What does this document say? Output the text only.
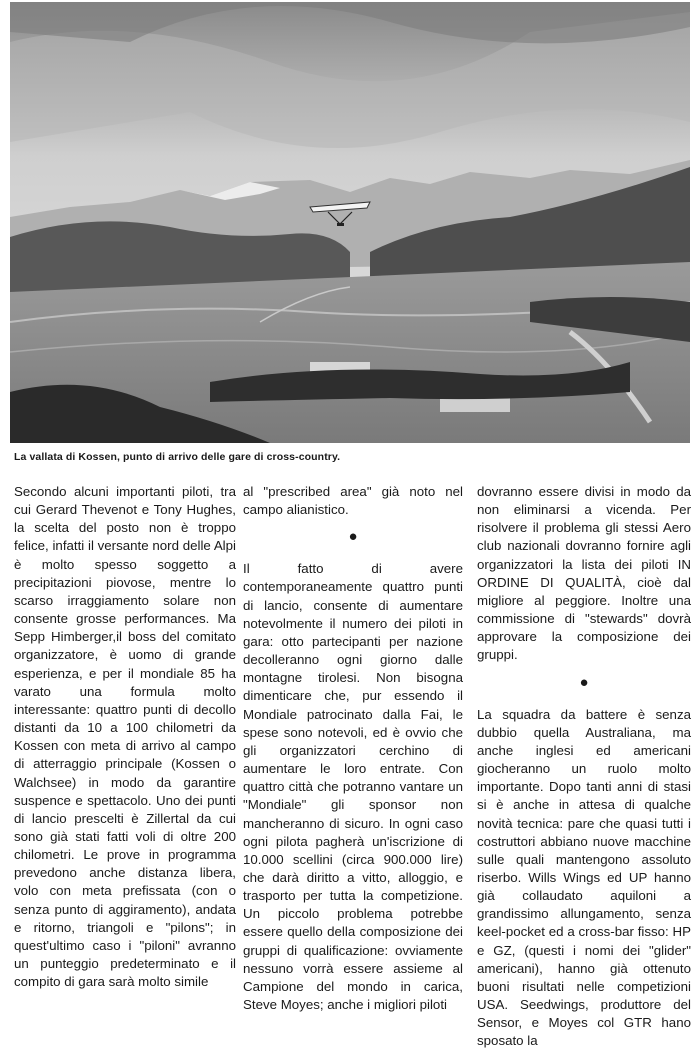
La vallata di Kossen, punto di arrivo delle gare di cross-country.

Secondo alcuni importanti piloti, tra cui Gerard Thevenot e Tony Hughes, la scelta del posto non è troppo felice, infatti il versante nord delle Alpi è molto spesso soggetto a precipitazioni piovose, mentre lo scarso irraggiamento solare non consente grosse performances. Ma Sepp Himberger,il boss del comitato organizzatore, è uomo di grande esperienza, e per il mondiale 85 ha varato una formula molto interessante: quattro punti di decollo distanti da 10 a 100 chilometri da Kossen con meta di arrivo al campo di atterraggio principale (Kossen o Walchsee) in modo da garantire suspence e spettacolo. Uno dei punti di lancio prescelti è Zillertal da cui sono già stati fatti voli di oltre 200 chilometri. Le prove in programma prevedono anche distanza libera, volo con meta prefissata (con o senza punto di aggiramento), andata e ritorno, triangoli e "pilons"; in quest'ultimo caso i "piloni" avranno un punteggio predeterminato e il compito di gara sarà molto simile

al "prescribed area" già noto nel campo alianistico.

●

Il fatto di avere contemporaneamente quattro punti di lancio, consente di aumentare notevolmente il numero dei piloti in gara: otto partecipanti per nazione decolleranno ogni giorno dalle montagne tirolesi. Non bisogna dimenticare che, pur essendo il Mondiale patrocinato dalla Fai, le spese sono notevoli, ed è ovvio che gli organizzatori cerchino di aumentare le loro entrate. Con quattro città che potranno vantare un "Mondiale" gli sponsor non mancheranno di sicuro. In ogni caso ogni pilota pagherà un'iscrizione di 10.000 scellini (circa 900.000 lire) che darà diritto a vitto, alloggio, e trasporto per tutta la competizione. Un piccolo problema potrebbe essere quello della composizione dei gruppi di qualificazione: ovviamente nessuno vorrà essere assieme al Campione del mondo in carica, Steve Moyes; anche i migliori piloti

dovranno essere divisi in modo da non eliminarsi a vicenda. Per risolvere il problema gli stessi Aero club nazionali dovranno fornire agli organizzatori la lista dei piloti IN ORDINE DI QUALITÀ, cioè dal migliore al peggiore. Inoltre una commissione di "stewards" dovrà approvare la composizione dei gruppi.

●

La squadra da battere è senza dubbio quella Australiana, ma anche inglesi ed americani giocheranno un ruolo molto importante. Dopo tanti anni di stasi si è anche in attesa di qualche novità tecnica: pare che quasi tutti i costruttori abbiano nuove macchine sulle quali mantengono assoluto riserbo. Wills Wings ed UP hanno già collaudato aquiloni a grandissimo allungamento, senza keel-pocket ed a cross-bar fisso: HP e GZ, (questi i nomi dei "glider" americani), hanno già ottenuto buoni risultati nelle competizioni USA. Seedwings, produttore del Sensor, e Moyes col GTR hano sposato la
